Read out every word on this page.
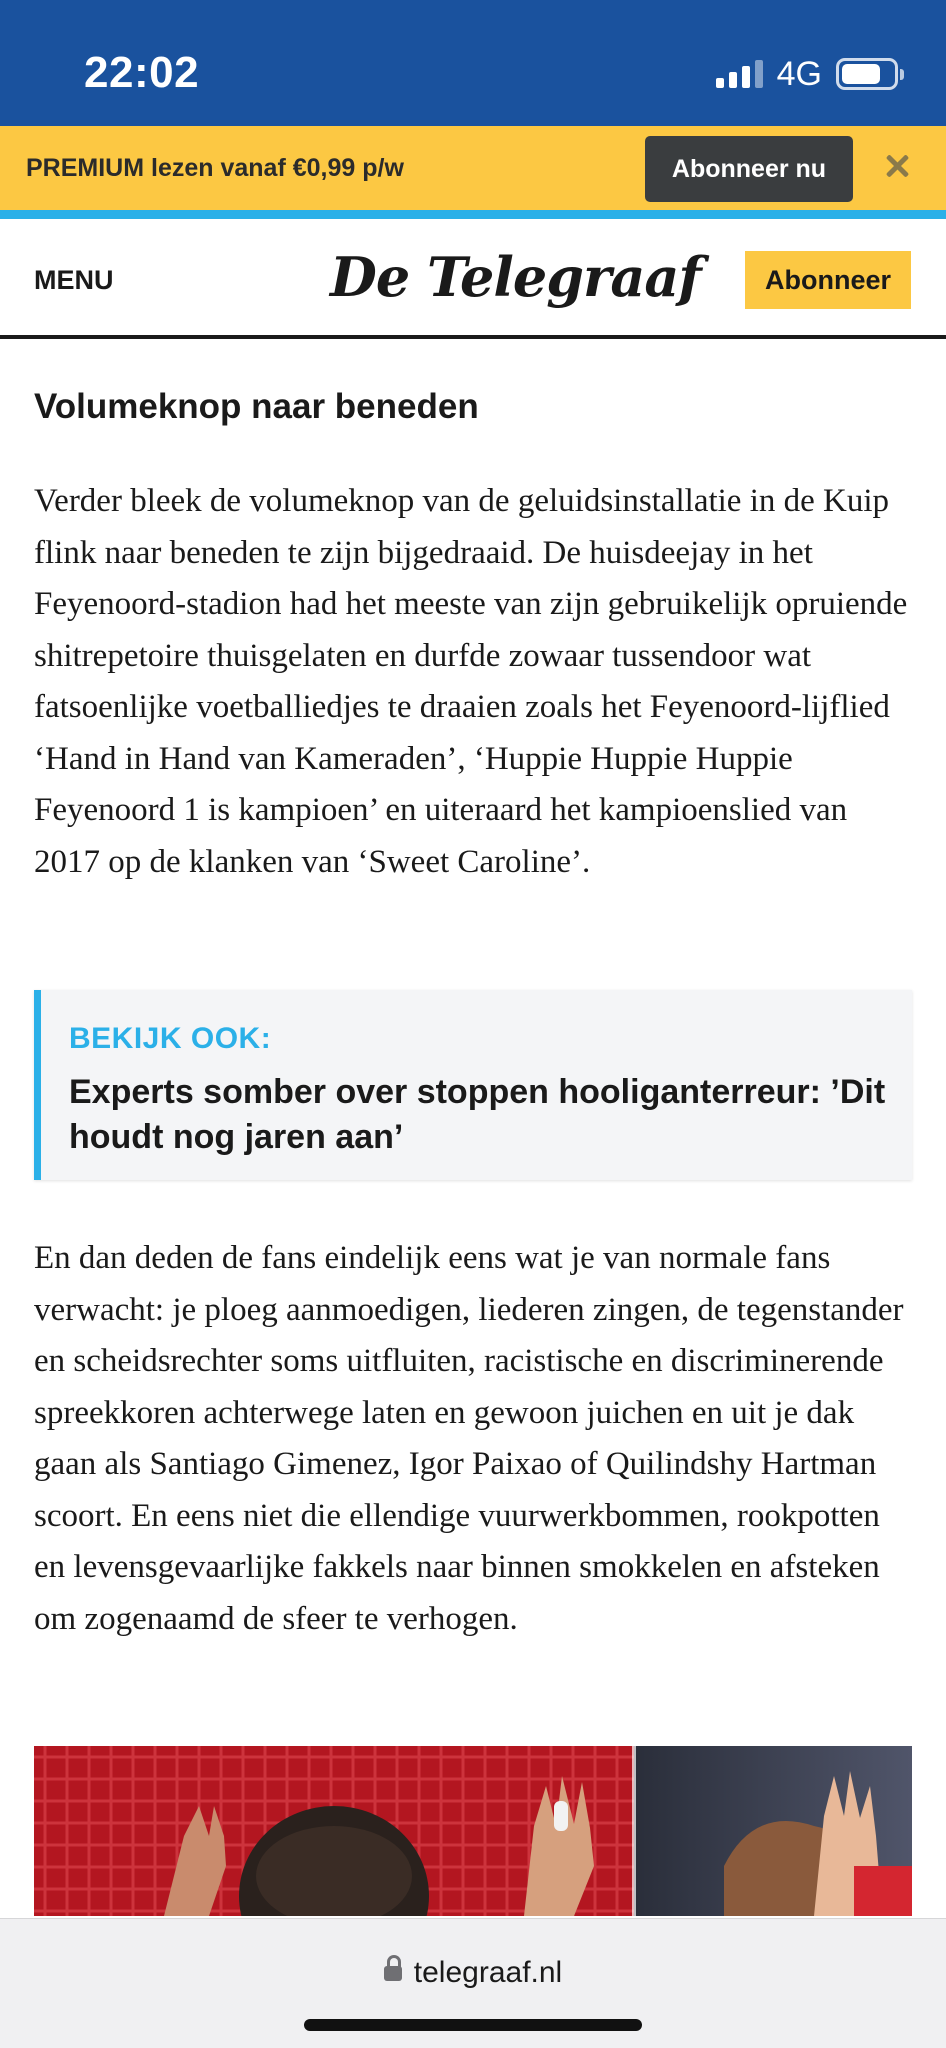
22:02	4G
PREMIUM lezen vanaf €0,99 p/w	Abonneer nu
MENU	De Telegraaf	Abonneer
Volumeknop naar beneden

Verder bleek de volumeknop van de geluidsinstallatie in de Kuip flink naar beneden te zijn bijgedraaid. De huisdeejay in het Feyenoord-stadion had het meeste van zijn gebruikelijk opruiende shitrepetoire thuisgelaten en durfde zowaar tussendoor wat fatsoenlijke voetballiedjes te draaien zoals het Feyenoord-lijflied ‘Hand in Hand van Kameraden’, ‘Huppie Huppie Huppie Feyenoord 1 is kampioen’ en uiteraard het kampioenslied van 2017 op de klanken van ‘Sweet Caroline’.

BEKIJK OOK:
Experts somber over stoppen hooliganterreur: ’Dit houdt nog jaren aan’

En dan deden de fans eindelijk eens wat je van normale fans verwacht: je ploeg aanmoedigen, liederen zingen, de tegenstander en scheidsrechter soms uitfluiten, racistische en discriminerende spreekkoren achterwege laten en gewoon juichen en uit je dak gaan als Santiago Gimenez, Igor Paixao of Quilindshy Hartman scoort. En eens niet die ellendige vuurwerkbommen, rookpotten en levensgevaarlijke fakkels naar binnen smokkelen en afsteken om zogenaamd de sfeer te verhogen.

telegraaf.nl
